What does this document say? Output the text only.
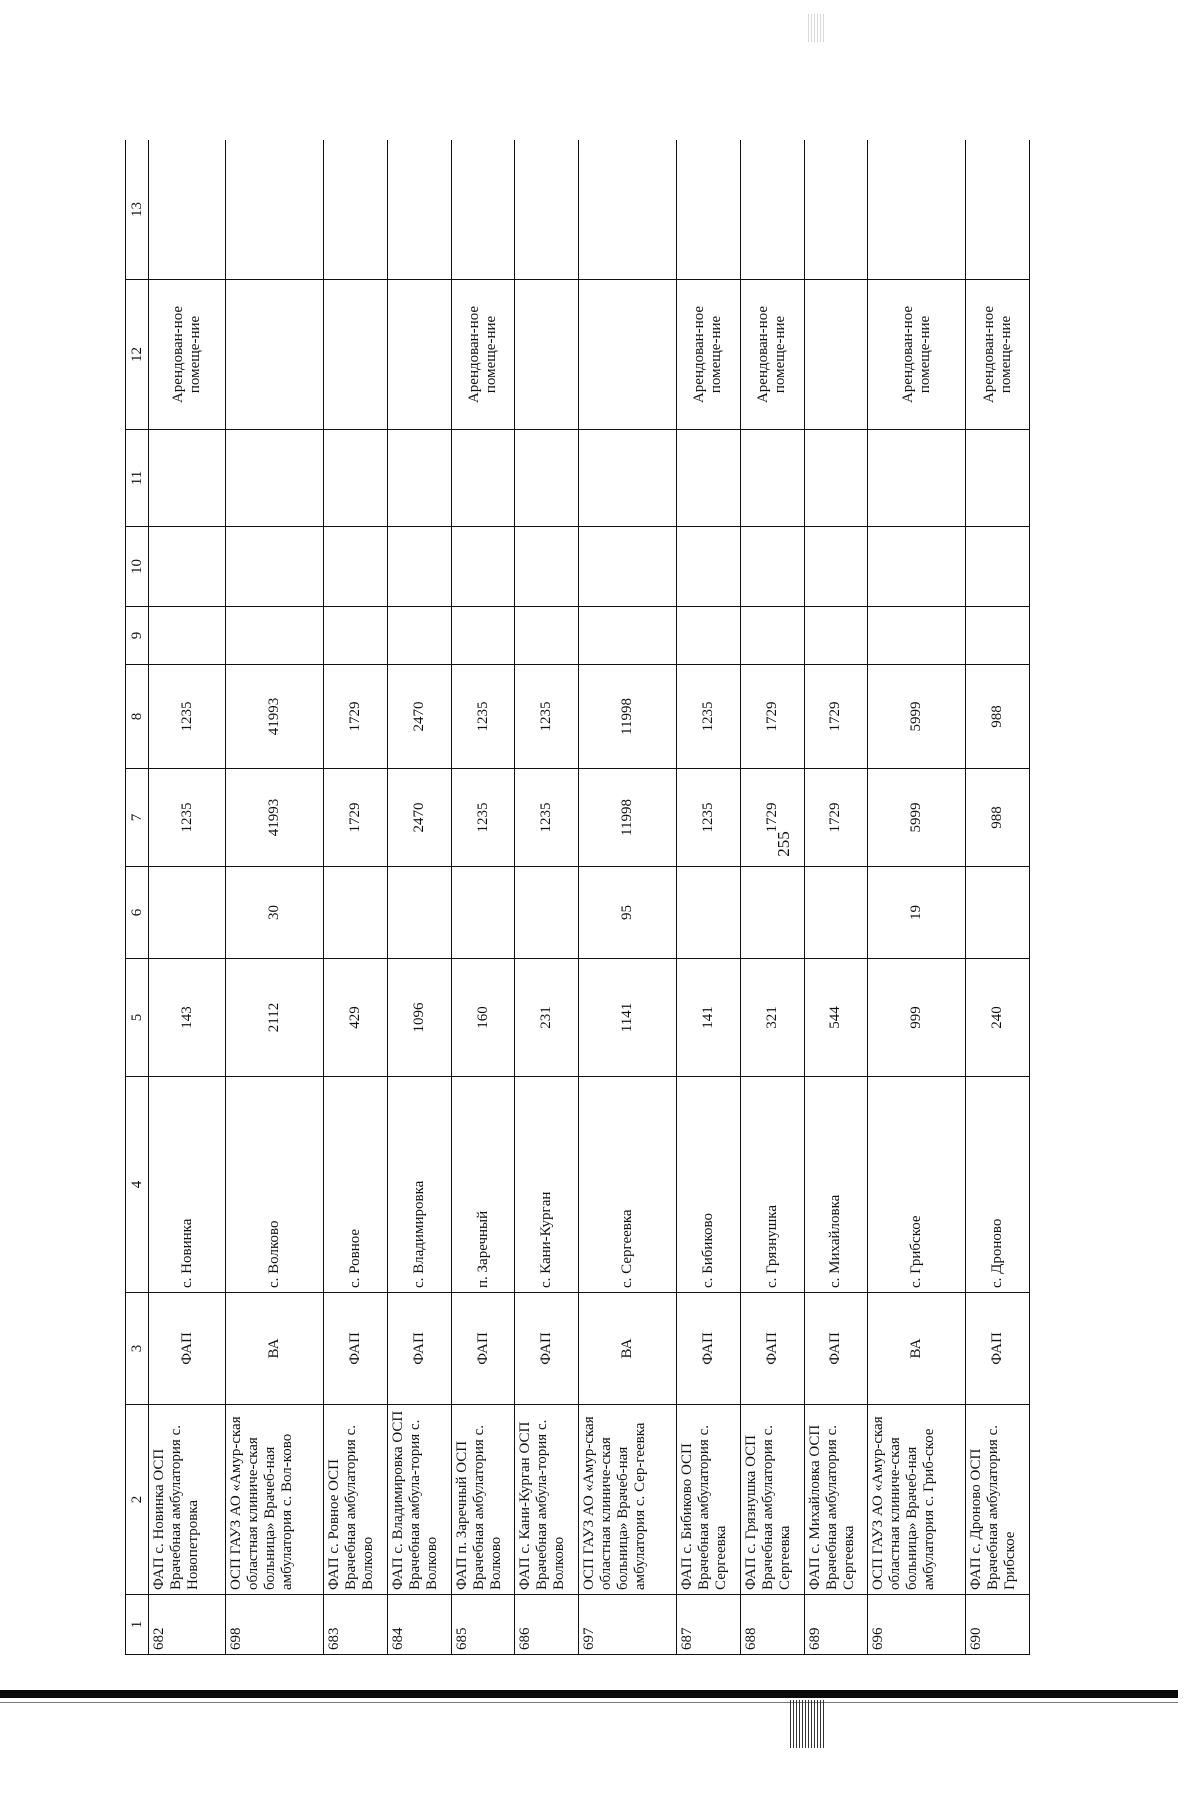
255
1	2	3	4	5	6	7	8	9	10	11	12	13
682	ФАП с. Новинка ОСП Врачебная амбулатория с. Новопетровка	ФАП	с. Новинка	143		1235	1235				Арендован-ное помеще-ние	
698	ОСП ГАУЗ АО «Амур-ская областная клиниче-ская больница» Врачеб-ная амбулатория с. Вол-ково	ВА	с. Волково	2112	30	41993	41993					
683	ФАП с. Ровное ОСП Врачебная амбулатория с. Волково	ФАП	с. Ровное	429		1729	1729					
684	ФАП с. Владимировка ОСП Врачебная амбула-тория с. Волково	ФАП	с. Владимировка	1096		2470	2470					
685	ФАП п. Заречный ОСП Врачебная амбулатория с. Волково	ФАП	п. Заречный	160		1235	1235				Арендован-ное помеще-ние	
686	ФАП с. Кани-Курган ОСП Врачебная амбула-тория с. Волково	ФАП	с. Кани-Курган	231		1235	1235					
697	ОСП ГАУЗ АО «Амур-ская областная клиниче-ская больница» Врачеб-ная амбулатория с. Сер-геевка	ВА	с. Сергеевка	1141	95	11998	11998					
687	ФАП с. Бибиково ОСП Врачебная амбулатория с. Сергеевка	ФАП	с. Бибиково	141		1235	1235				Арендован-ное помеще-ние	
688	ФАП с. Грязнушка ОСП Врачебная амбулатория с. Сергеевка	ФАП	с. Грязнушка	321		1729	1729				Арендован-ное помеще-ние	
689	ФАП с. Михайловка ОСП Врачебная амбулатория с. Сергеевка	ФАП	с. Михайловка	544		1729	1729					
696	ОСП ГАУЗ АО «Амур-ская областная клиниче-ская больница» Врачеб-ная амбулатория с. Гриб-ское	ВА	с. Грибское	999	19	5999	5999				Арендован-ное помеще-ние	
690	ФАП с. Дроново ОСП Врачебная амбулатория с. Грибское	ФАП	с. Дроново	240		988	988				Арендован-ное помеще-ние	
